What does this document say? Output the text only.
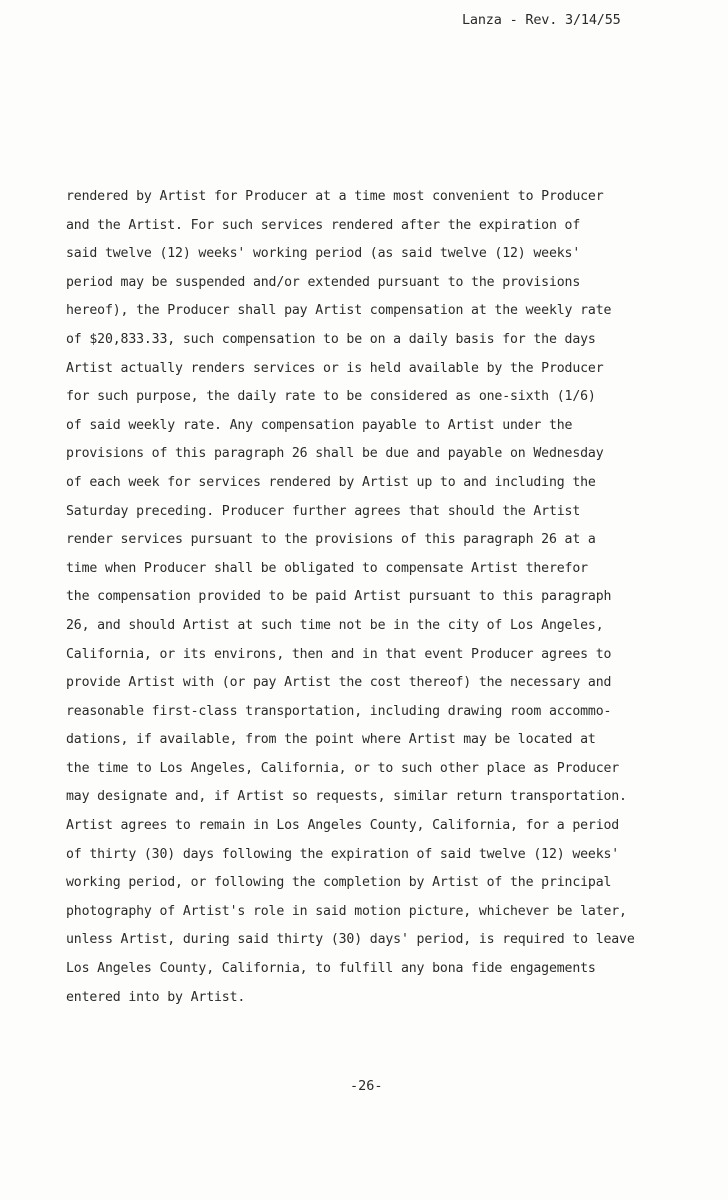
Lanza - Rev. 3/14/55
rendered by Artist for Producer at a time most convenient to Producer
and the Artist. For such services rendered after the expiration of
said twelve (12) weeks' working period (as said twelve (12) weeks'
period may be suspended and/or extended pursuant to the provisions
hereof), the Producer shall pay Artist compensation at the weekly rate
of $20,833.33, such compensation to be on a daily basis for the days
Artist actually renders services or is held available by the Producer
for such purpose, the daily rate to be considered as one-sixth (1/6)
of said weekly rate. Any compensation payable to Artist under the
provisions of this paragraph 26 shall be due and payable on Wednesday
of each week for services rendered by Artist up to and including the
Saturday preceding. Producer further agrees that should the Artist
render services pursuant to the provisions of this paragraph 26 at a
time when Producer shall be obligated to compensate Artist therefor
the compensation provided to be paid Artist pursuant to this paragraph
26, and should Artist at such time not be in the city of Los Angeles,
California, or its environs, then and in that event Producer agrees to
provide Artist with (or pay Artist the cost thereof) the necessary and
reasonable first-class transportation, including drawing room accommo-
dations, if available, from the point where Artist may be located at
the time to Los Angeles, California, or to such other place as Producer
may designate and, if Artist so requests, similar return transportation.
Artist agrees to remain in Los Angeles County, California, for a period
of thirty (30) days following the expiration of said twelve (12) weeks'
working period, or following the completion by Artist of the principal
photography of Artist's role in said motion picture, whichever be later,
unless Artist, during said thirty (30) days' period, is required to leave
Los Angeles County, California, to fulfill any bona fide engagements
entered into by Artist.
-26-
